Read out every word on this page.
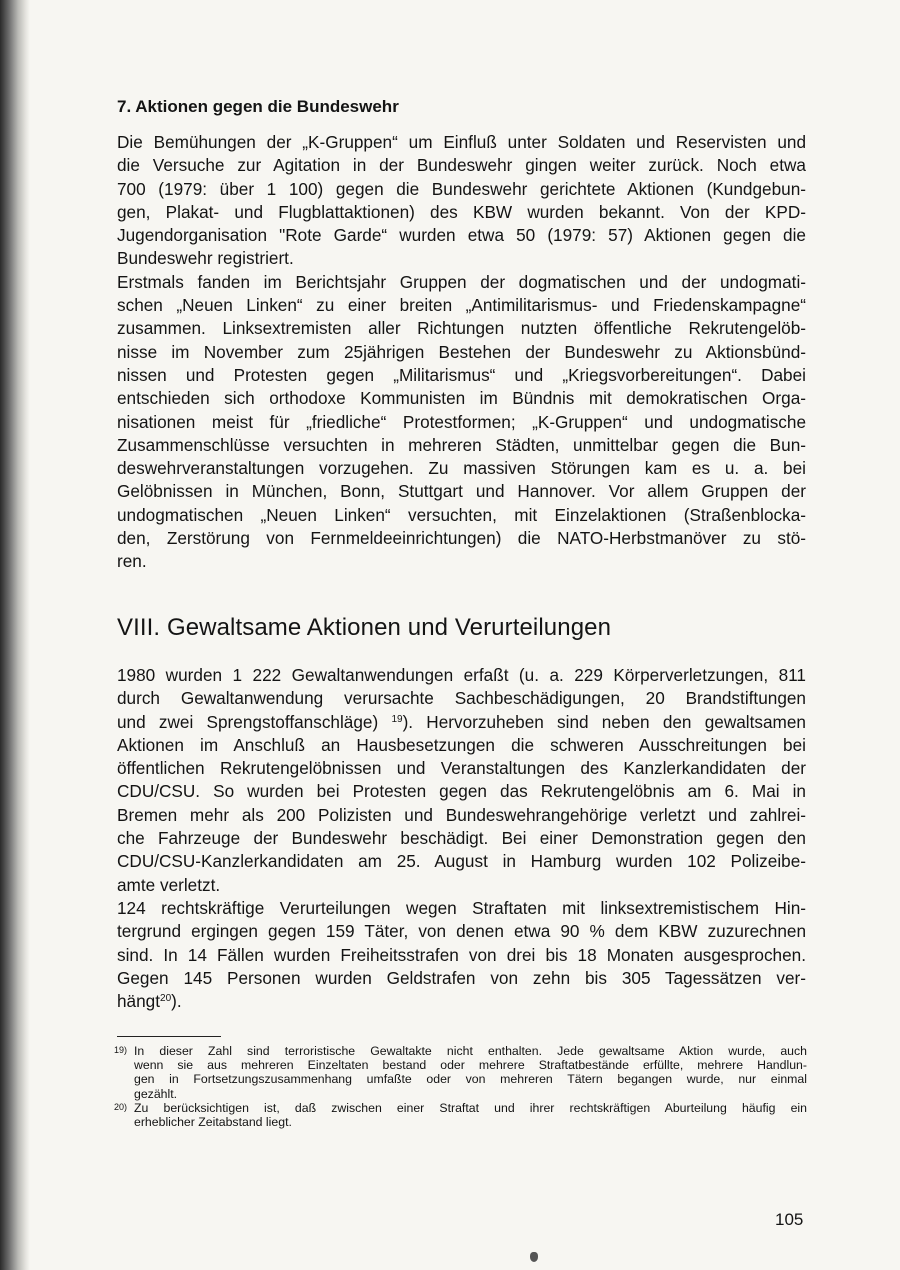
7. Aktionen gegen die Bundeswehr

Die Bemühungen der „K-Gruppen“ um Einfluß unter Soldaten und Reservisten und
die Versuche zur Agitation in der Bundeswehr gingen weiter zurück. Noch etwa
700 (1979: über 1 100) gegen die Bundeswehr gerichtete Aktionen (Kundgebun-
gen, Plakat- und Flugblattaktionen) des KBW wurden bekannt. Von der KPD-
Jugendorganisation "Rote Garde“ wurden etwa 50 (1979: 57) Aktionen gegen die
Bundeswehr registriert.

Erstmals fanden im Berichtsjahr Gruppen der dogmatischen und der undogmati-
schen „Neuen Linken“ zu einer breiten „Antimilitarismus- und Friedenskampagne“
zusammen. Linksextremisten aller Richtungen nutzten öffentliche Rekrutengelöb-
nisse im November zum 25jährigen Bestehen der Bundeswehr zu Aktionsbünd-
nissen und Protesten gegen „Militarismus“ und „Kriegsvorbereitungen“. Dabei
entschieden sich orthodoxe Kommunisten im Bündnis mit demokratischen Orga-
nisationen meist für „friedliche“ Protestformen; „K-Gruppen“ und undogmatische
Zusammenschlüsse versuchten in mehreren Städten, unmittelbar gegen die Bun-
deswehrveranstaltungen vorzugehen. Zu massiven Störungen kam es u. a. bei
Gelöbnissen in München, Bonn, Stuttgart und Hannover. Vor allem Gruppen der
undogmatischen „Neuen Linken“ versuchten, mit Einzelaktionen (Straßenblocka-
den, Zerstörung von Fernmeldeeinrichtungen) die NATO-Herbstmanöver zu stö-
ren.

VIII. Gewaltsame Aktionen und Verurteilungen

1980 wurden 1 222 Gewaltanwendungen erfaßt (u. a. 229 Körperverletzungen, 811
durch Gewaltanwendung verursachte Sachbeschädigungen, 20 Brandstiftungen
und zwei Sprengstoffanschläge) $^{19}$). Hervorzuheben sind neben den gewaltsamen
Aktionen im Anschluß an Hausbesetzungen die schweren Ausschreitungen bei
öffentlichen Rekrutengelöbnissen und Veranstaltungen des Kanzlerkandidaten der
CDU/CSU. So wurden bei Protesten gegen das Rekrutengelöbnis am 6. Mai in
Bremen mehr als 200 Polizisten und Bundeswehrangehörige verletzt und zahlrei-
che Fahrzeuge der Bundeswehr beschädigt. Bei einer Demonstration gegen den
CDU/CSU-Kanzlerkandidaten am 25. August in Hamburg wurden 102 Polizeibe-
amte verletzt.

124 rechtskräftige Verurteilungen wegen Straftaten mit linksextremistischem Hin-
tergrund ergingen gegen 159 Täter, von denen etwa 90 % dem KBW zuzurechnen
sind. In 14 Fällen wurden Freiheitsstrafen von drei bis 18 Monaten ausgesprochen.
Gegen 145 Personen wurden Geldstrafen von zehn bis 305 Tagessätzen ver-
hängt$^{20}$).

19) In dieser Zahl sind terroristische Gewaltakte nicht enthalten. Jede gewaltsame Aktion wurde, auch
wenn sie aus mehreren Einzeltaten bestand oder mehrere Straftatbestände erfüllte, mehrere Handlun-
gen in Fortsetzungszusammenhang umfaßte oder von mehreren Tätern begangen wurde, nur einmal
gezählt.
20) Zu berücksichtigen ist, daß zwischen einer Straftat und ihrer rechtskräftigen Aburteilung häufig ein
erheblicher Zeitabstand liegt.

105
